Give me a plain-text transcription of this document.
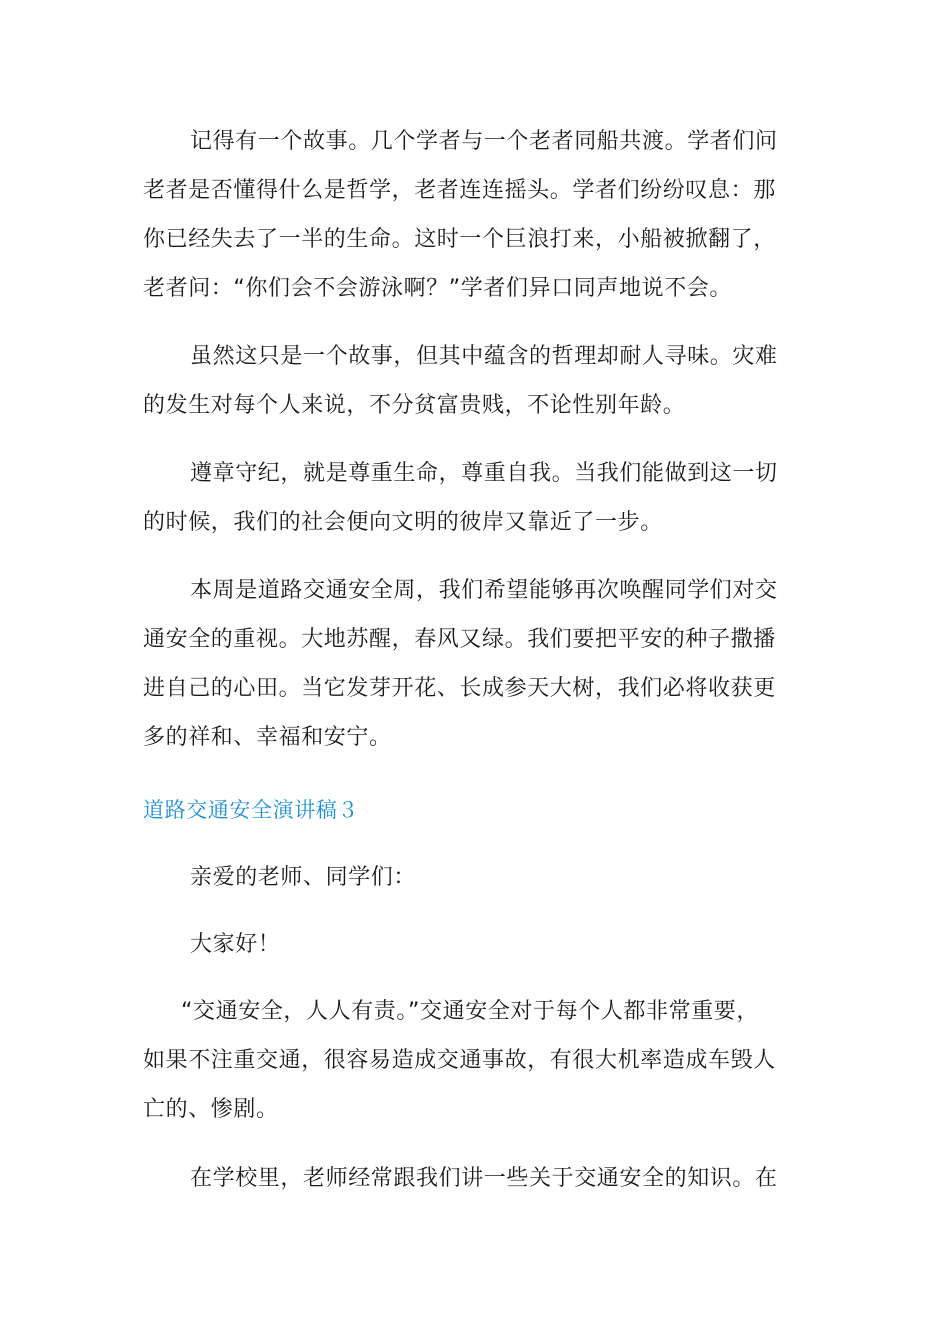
记得有一个故事。几个学者与一个老者同船共渡。学者们问
老者是否懂得什么是哲学，老者连连摇头。学者们纷纷叹息：那
你已经失去了一半的生命。这时一个巨浪打来，小船被掀翻了，
老者问：“你们会不会游泳啊？”学者们异口同声地说不会。

虽然这只是一个故事，但其中蕴含的哲理却耐人寻味。灾难
的发生对每个人来说，不分贫富贵贱，不论性别年龄。

遵章守纪，就是尊重生命，尊重自我。当我们能做到这一切
的时候，我们的社会便向文明的彼岸又靠近了一步。

本周是道路交通安全周，我们希望能够再次唤醒同学们对交
通安全的重视。大地苏醒，春风又绿。我们要把平安的种子撒播
进自己的心田。当它发芽开花、长成参天大树，我们必将收获更
多的祥和、幸福和安宁。

道路交通安全演讲稿３

亲爱的老师、同学们：

大家好！

“交通安全，人人有责。”交通安全对于每个人都非常重要，
如果不注重交通，很容易造成交通事故，有很大机率造成车毁人
亡的、惨剧。

在学校里，老师经常跟我们讲一些关于交通安全的知识。在
